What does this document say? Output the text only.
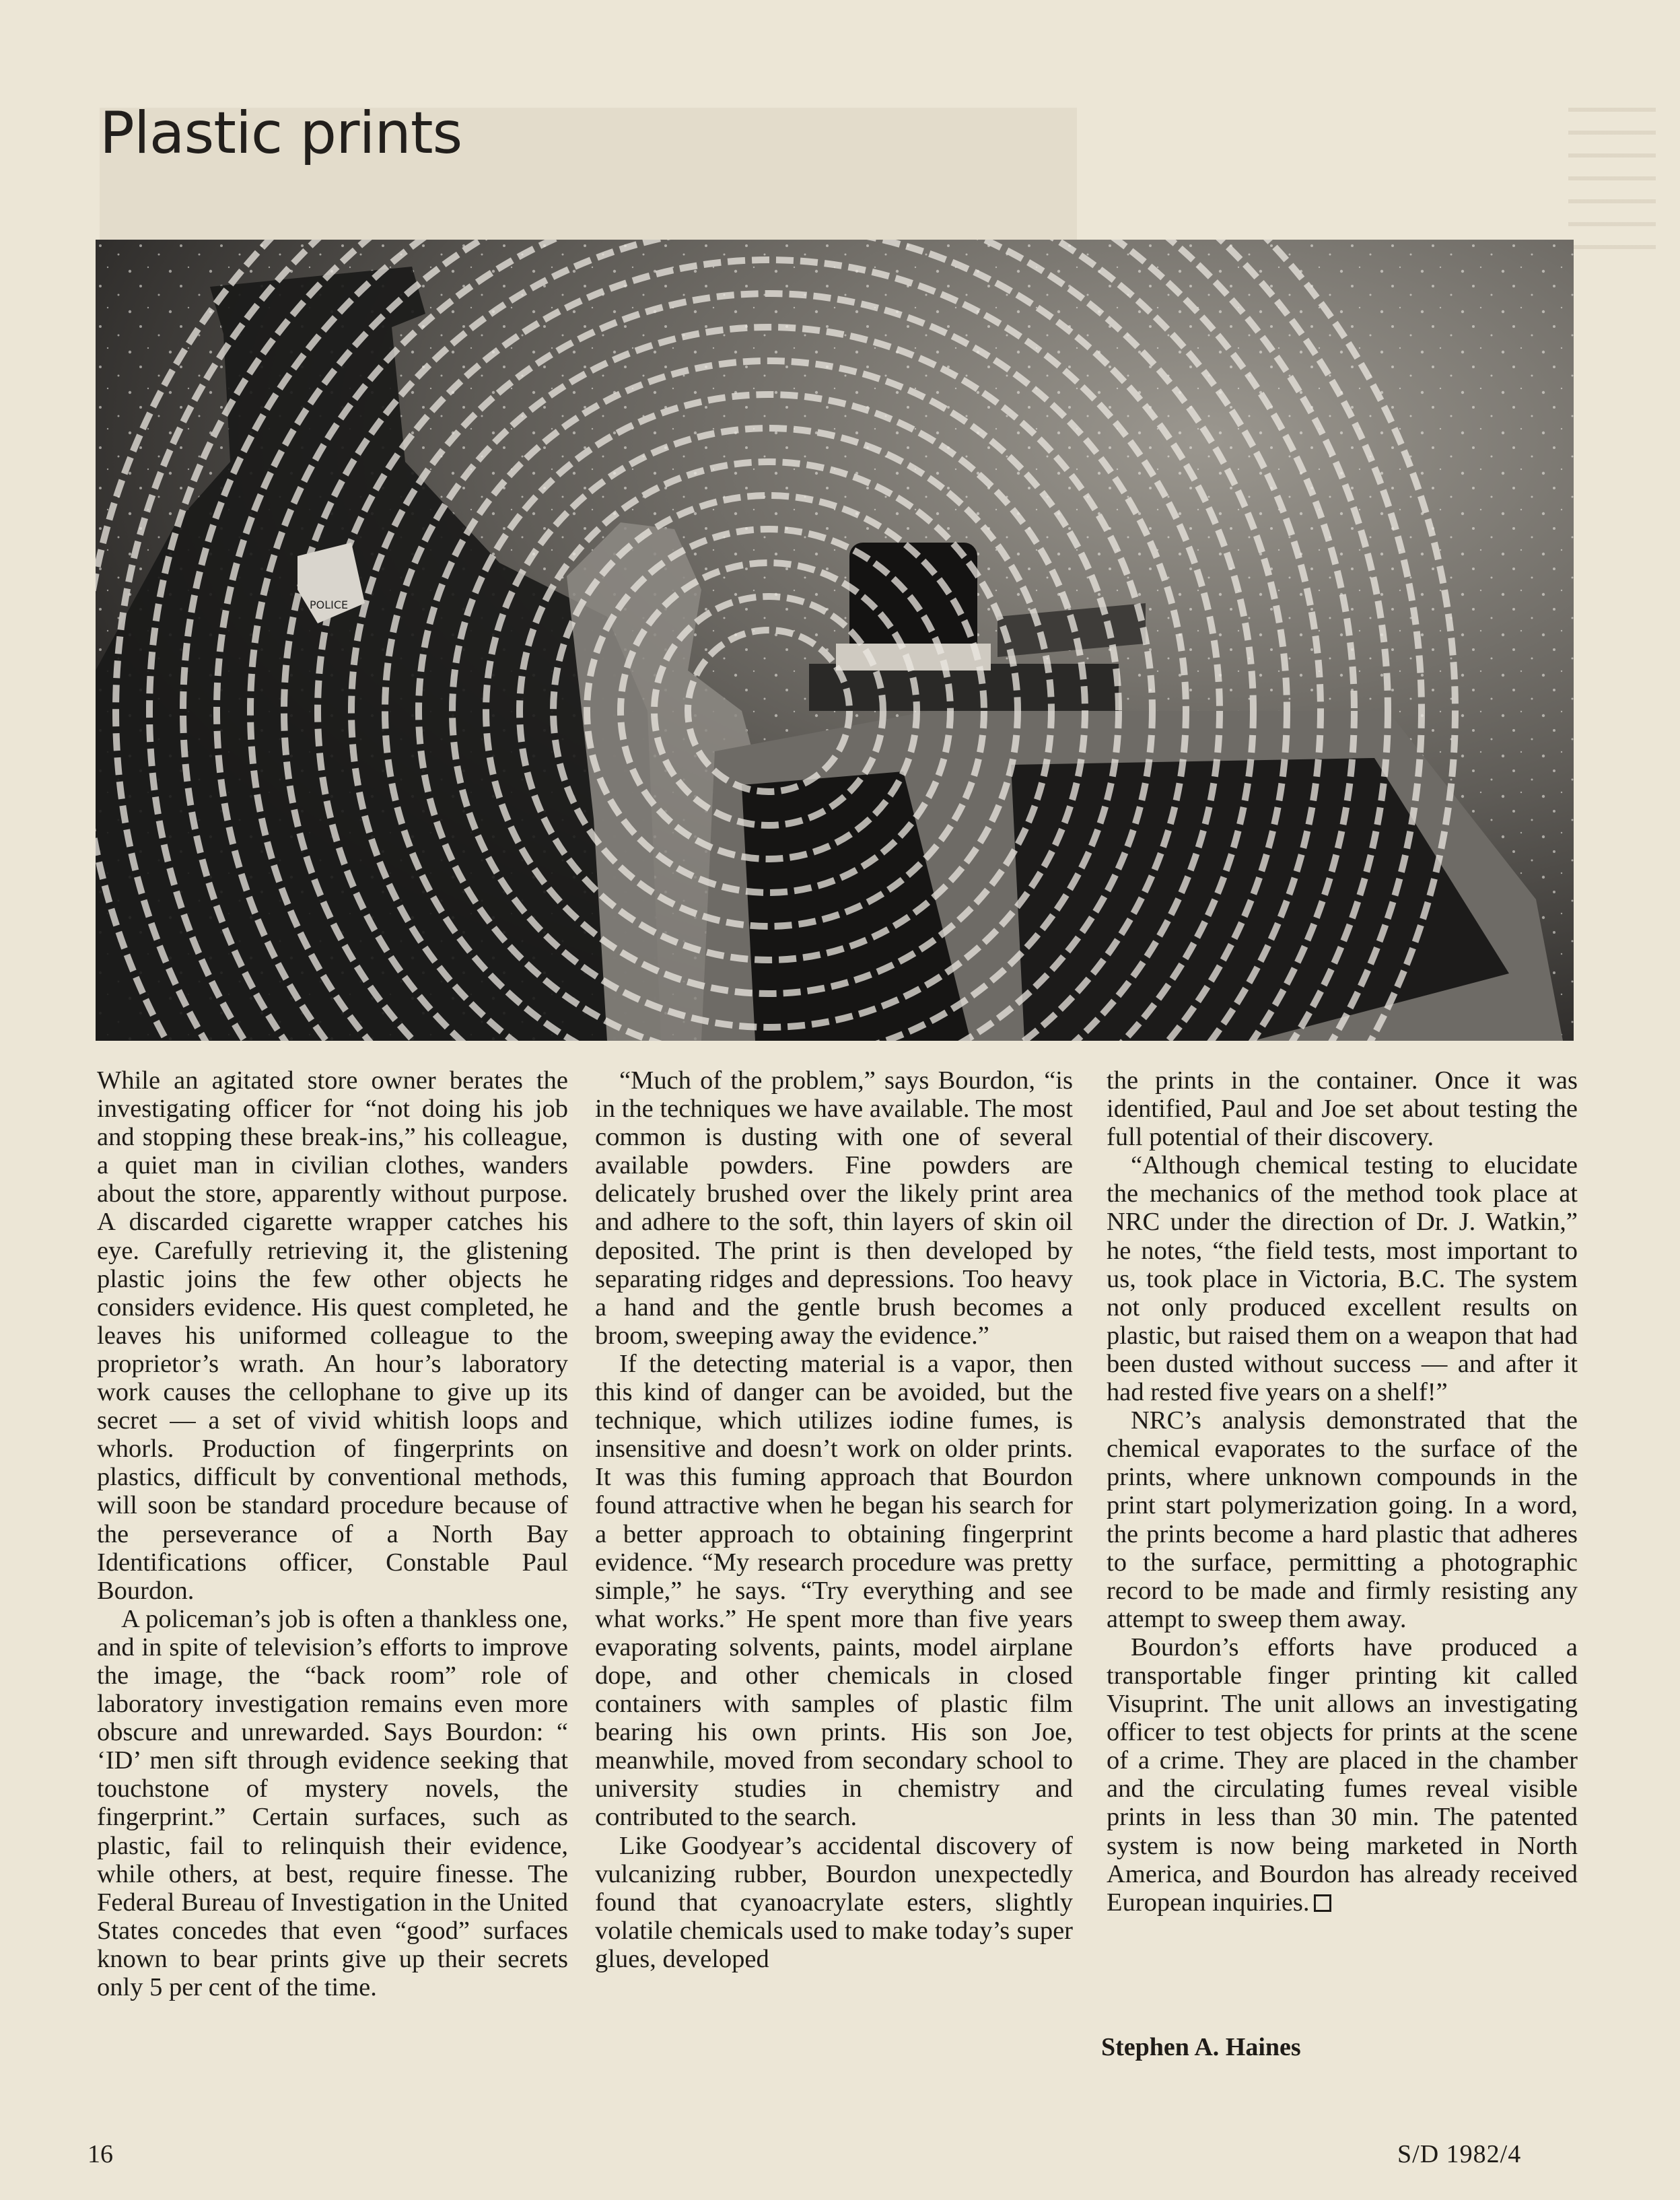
Plastic prints
POLICE

While an agitated store owner berates the investigating officer for “not doing his job and stopping these break-ins,” his colleague, a quiet man in civilian clothes, wanders about the store, apparently without purpose. A discarded cigarette wrapper catches his eye. Carefully retrieving it, the glistening plastic joins the few other objects he considers evidence. His quest completed, he leaves his uniformed colleague to the proprietor’s wrath. An hour’s laboratory work causes the cellophane to give up its secret — a set of vivid whitish loops and whorls. Production of fingerprints on plastics, difficult by conventional methods, will soon be standard procedure because of the perseverance of a North Bay Identifications officer, Constable Paul Bourdon.

A policeman’s job is often a thankless one, and in spite of television’s efforts to improve the image, the “back room” role of laboratory investigation remains even more obscure and unrewarded. Says Bourdon: “ ‘ID’ men sift through evidence seeking that touchstone of mystery novels, the fingerprint.” Certain surfaces, such as plastic, fail to relinquish their evidence, while others, at best, require finesse. The Federal Bureau of Investigation in the United States concedes that even “good” surfaces known to bear prints give up their secrets only 5 per cent of the time.

“Much of the problem,” says Bourdon, “is in the techniques we have available. The most common is dusting with one of several available powders. Fine powders are delicately brushed over the likely print area and adhere to the soft, thin layers of skin oil deposited. The print is then developed by separating ridges and depressions. Too heavy a hand and the gentle brush becomes a broom, sweeping away the evidence.”

If the detecting material is a vapor, then this kind of danger can be avoided, but the technique, which utilizes iodine fumes, is insensitive and doesn’t work on older prints. It was this fuming approach that Bourdon found attractive when he began his search for a better approach to obtaining fingerprint evidence. “My research procedure was pretty simple,” he says. “Try everything and see what works.” He spent more than five years evaporating solvents, paints, model airplane dope, and other chemicals in closed containers with samples of plastic film bearing his own prints. His son Joe, meanwhile, moved from secondary school to university studies in chemistry and contributed to the search.

Like Goodyear’s accidental discovery of vulcanizing rubber, Bourdon unexpectedly found that cyanoacrylate esters, slightly volatile chemicals used to make today’s super glues, developed

the prints in the container. Once it was identified, Paul and Joe set about testing the full potential of their discovery.

“Although chemical testing to elucidate the mechanics of the method took place at NRC under the direction of Dr. J. Watkin,” he notes, “the field tests, most important to us, took place in Victoria, B.C. The system not only produced excellent results on plastic, but raised them on a weapon that had been dusted without success — and after it had rested five years on a shelf!”

NRC’s analysis demonstrated that the chemical evaporates to the surface of the prints, where unknown compounds in the print start polymerization going. In a word, the prints become a hard plastic that adheres to the surface, permitting a photographic record to be made and firmly resisting any attempt to sweep them away.

Bourdon’s efforts have produced a transportable finger printing kit called Visuprint. The unit allows an investigating officer to test objects for prints at the scene of a crime. They are placed in the chamber and the circulating fumes reveal visible prints in less than 30 min. The patented system is now being marketed in North America, and Bourdon has already received European inquiries.

Stephen A. Haines
16	S/D 1982/4
